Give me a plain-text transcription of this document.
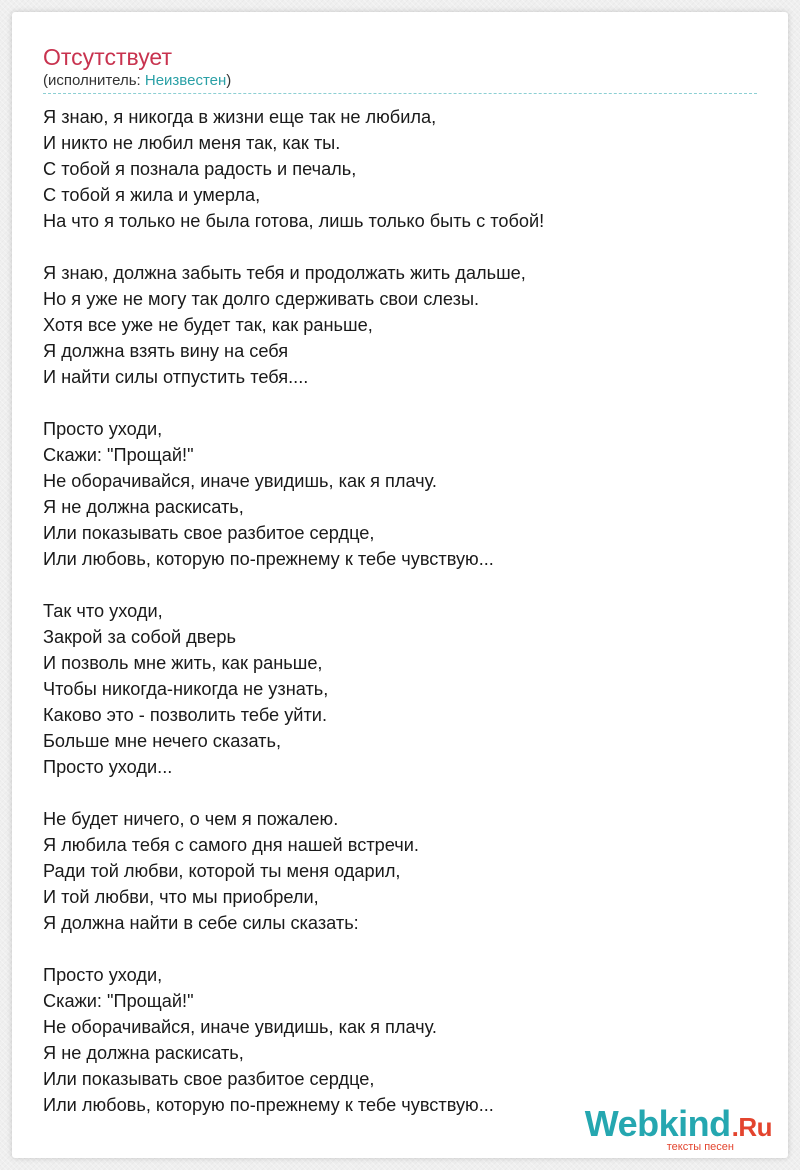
Отсутствует
(исполнитель: Неизвестен)
Я знаю, я никогда в жизни еще так не любила,
И никто не любил меня так, как ты.
С тобой я познала радость и печаль,
С тобой я жила и умерла,
На что я только не была готова, лишь только быть с тобой!
Я знаю, должна забыть тебя и продолжать жить дальше,
Но я уже не могу так долго сдерживать свои слезы.
Хотя все уже не будет так, как раньше,
Я должна взять вину на себя
И найти силы отпустить тебя....
Просто уходи,
Скажи: "Прощай!"
Не оборачивайся, иначе увидишь, как я плачу.
Я не должна раскисать,
Или показывать свое разбитое сердце,
Или любовь, которую по-прежнему к тебе чувствую...
Так что уходи,
Закрой за собой дверь
И позволь мне жить, как раньше,
Чтобы никогда-никогда не узнать,
Каково это - позволить тебе уйти.
Больше мне нечего сказать,
Просто уходи...
Не будет ничего, о чем я пожалею.
Я любила тебя с самого дня нашей встречи.
Ради той любви, которой ты меня одарил,
И той любви, что мы приобрели,
Я должна найти в себе силы сказать:
Просто уходи,
Скажи: "Прощай!"
Не оборачивайся, иначе увидишь, как я плачу.
Я не должна раскисать,
Или показывать свое разбитое сердце,
Или любовь, которую по-прежнему к тебе чувствую...	Webkind.Ru
тексты песен
